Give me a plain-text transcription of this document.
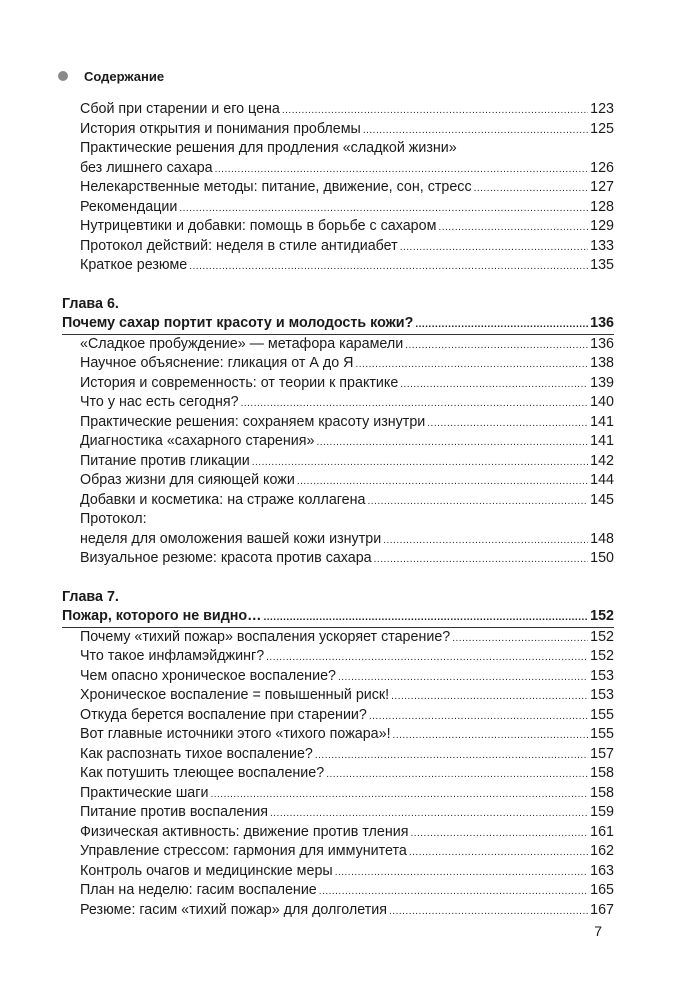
Содержание
Сбой при старении и его цена .....	123
История открытия и понимания проблемы .....	125
Практические решения для продления «сладкой жизни»
без лишнего сахара .....	126
Нелекарственные методы: питание, движение, сон, стресс .....	127
Рекомендации .....	128
Нутрицевтики и добавки: помощь в борьбе с сахаром .....	129
Протокол действий: неделя в стиле антидиабет .....	133
Краткое резюме .....	135
Глава 6.
Почему сахар портит красоту и молодость кожи? .....	136
«Сладкое пробуждение» — метафора карамели .....	136
Научное объяснение: гликация от А до Я .....	138
История и современность: от теории к практике .....	139
Что у нас есть сегодня? .....	140
Практические решения: сохраняем красоту изнутри .....	141
Диагностика «сахарного старения» .....	141
Питание против гликации .....	142
Образ жизни для сияющей кожи .....	144
Добавки и косметика: на страже коллагена .....	145
Протокол:
неделя для омоложения вашей кожи изнутри .....	148
Визуальное резюме: красота против сахара .....	150
Глава 7.
Пожар, которого не видно… .....	152
Почему «тихий пожар» воспаления ускоряет старение? .....	152
Что такое инфламэйджинг? .....	152
Чем опасно хроническое воспаление? .....	153
Хроническое воспаление = повышенный риск! .....	153
Откуда берется воспаление при старении? .....	155
Вот главные источники этого «тихого пожара»! .....	155
Как распознать тихое воспаление? .....	157
Как потушить тлеющее воспаление? .....	158
Практические шаги .....	158
Питание против воспаления .....	159
Физическая активность: движение против тления .....	161
Управление стрессом: гармония для иммунитета .....	162
Контроль очагов и медицинские меры .....	163
План на неделю: гасим воспаление .....	165
Резюме: гасим «тихий пожар» для долголетия .....	167
7
